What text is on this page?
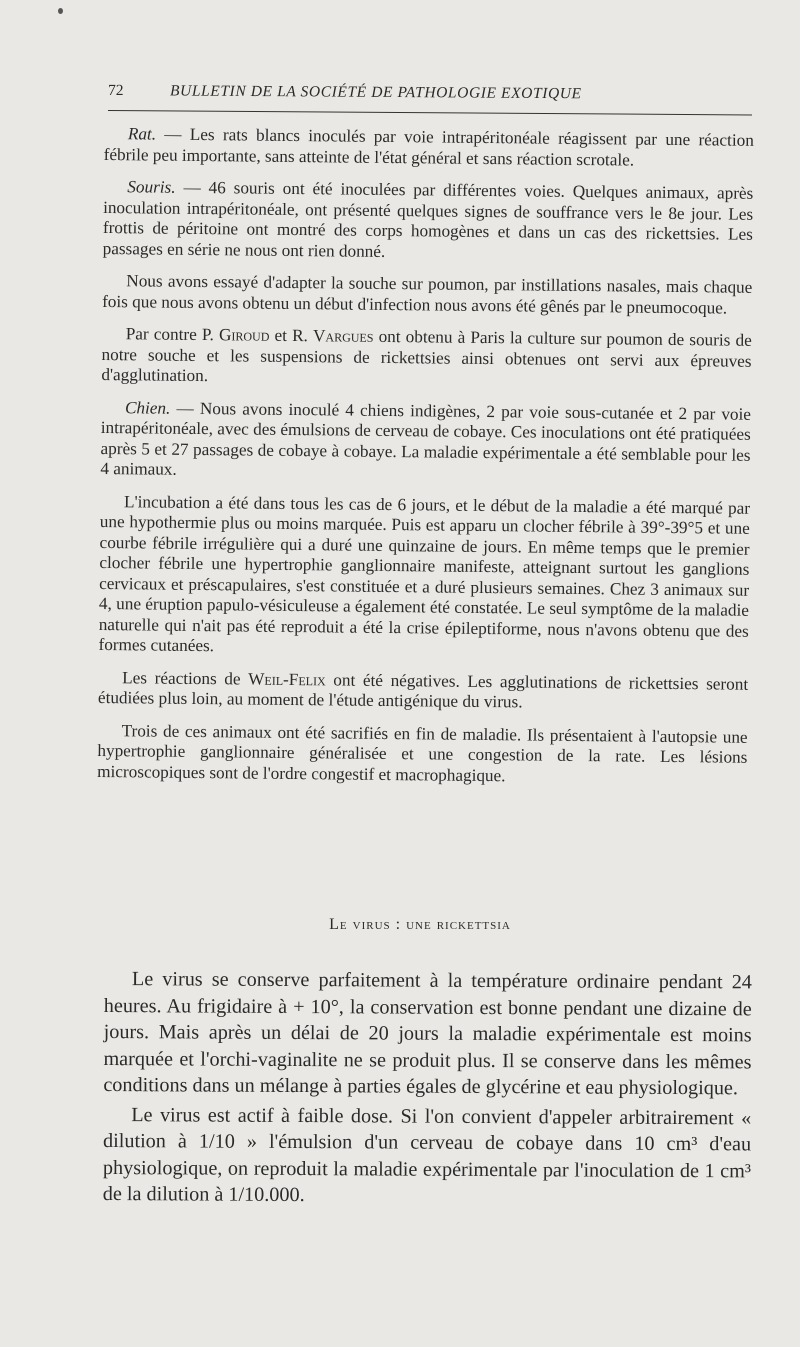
72	BULLETIN DE LA SOCIÉTÉ DE PATHOLOGIE EXOTIQUE

Rat. — Les rats blancs inoculés par voie intrapéritonéale réagissent par une réaction fébrile peu importante, sans atteinte de l'état général et sans réaction scrotale.

Souris. — 46 souris ont été inoculées par différentes voies. Quelques animaux, après inoculation intrapéritonéale, ont présenté quelques signes de souffrance vers le 8e jour. Les frottis de péritoine ont montré des corps homogènes et dans un cas des rickettsies. Les passages en série ne nous ont rien donné.

Nous avons essayé d'adapter la souche sur poumon, par instillations nasales, mais chaque fois que nous avons obtenu un début d'infection nous avons été gênés par le pneumocoque.

Par contre P. Giroud et R. Vargues ont obtenu à Paris la culture sur poumon de souris de notre souche et les suspensions de rickettsies ainsi obtenues ont servi aux épreuves d'agglutination.

Chien. — Nous avons inoculé 4 chiens indigènes, 2 par voie sous-cutanée et 2 par voie intrapéritonéale, avec des émulsions de cerveau de cobaye. Ces inoculations ont été pratiquées après 5 et 27 passages de cobaye à cobaye. La maladie expérimentale a été semblable pour les 4 animaux.

L'incubation a été dans tous les cas de 6 jours, et le début de la maladie a été marqué par une hypothermie plus ou moins marquée. Puis est apparu un clocher fébrile à 39°-39°5 et une courbe fébrile irrégulière qui a duré une quinzaine de jours. En même temps que le premier clocher fébrile une hypertrophie ganglionnaire manifeste, atteignant surtout les ganglions cervicaux et préscapulaires, s'est constituée et a duré plusieurs semaines. Chez 3 animaux sur 4, une éruption papulo-vésiculeuse a également été constatée. Le seul symptôme de la maladie naturelle qui n'ait pas été reproduit a été la crise épileptiforme, nous n'avons obtenu que des formes cutanées.

Les réactions de Weil-Felix ont été négatives. Les agglutinations de rickettsies seront étudiées plus loin, au moment de l'étude antigénique du virus.

Trois de ces animaux ont été sacrifiés en fin de maladie. Ils présentaient à l'autopsie une hypertrophie ganglionnaire généralisée et une congestion de la rate. Les lésions microscopiques sont de l'ordre congestif et macrophagique.

Le virus : une rickettsia

Le virus se conserve parfaitement à la température ordinaire pendant 24 heures. Au frigidaire à + 10°, la conservation est bonne pendant une dizaine de jours. Mais après un délai de 20 jours la maladie expérimentale est moins marquée et l'orchi-vaginalite ne se produit plus. Il se conserve dans les mêmes conditions dans un mélange à parties égales de glycérine et eau physiologique.

Le virus est actif à faible dose. Si l'on convient d'appeler arbitrairement « dilution à 1/10 » l'émulsion d'un cerveau de cobaye dans 10 cm³ d'eau physiologique, on reproduit la maladie expérimentale par l'inoculation de 1 cm³ de la dilution à 1/10.000.
